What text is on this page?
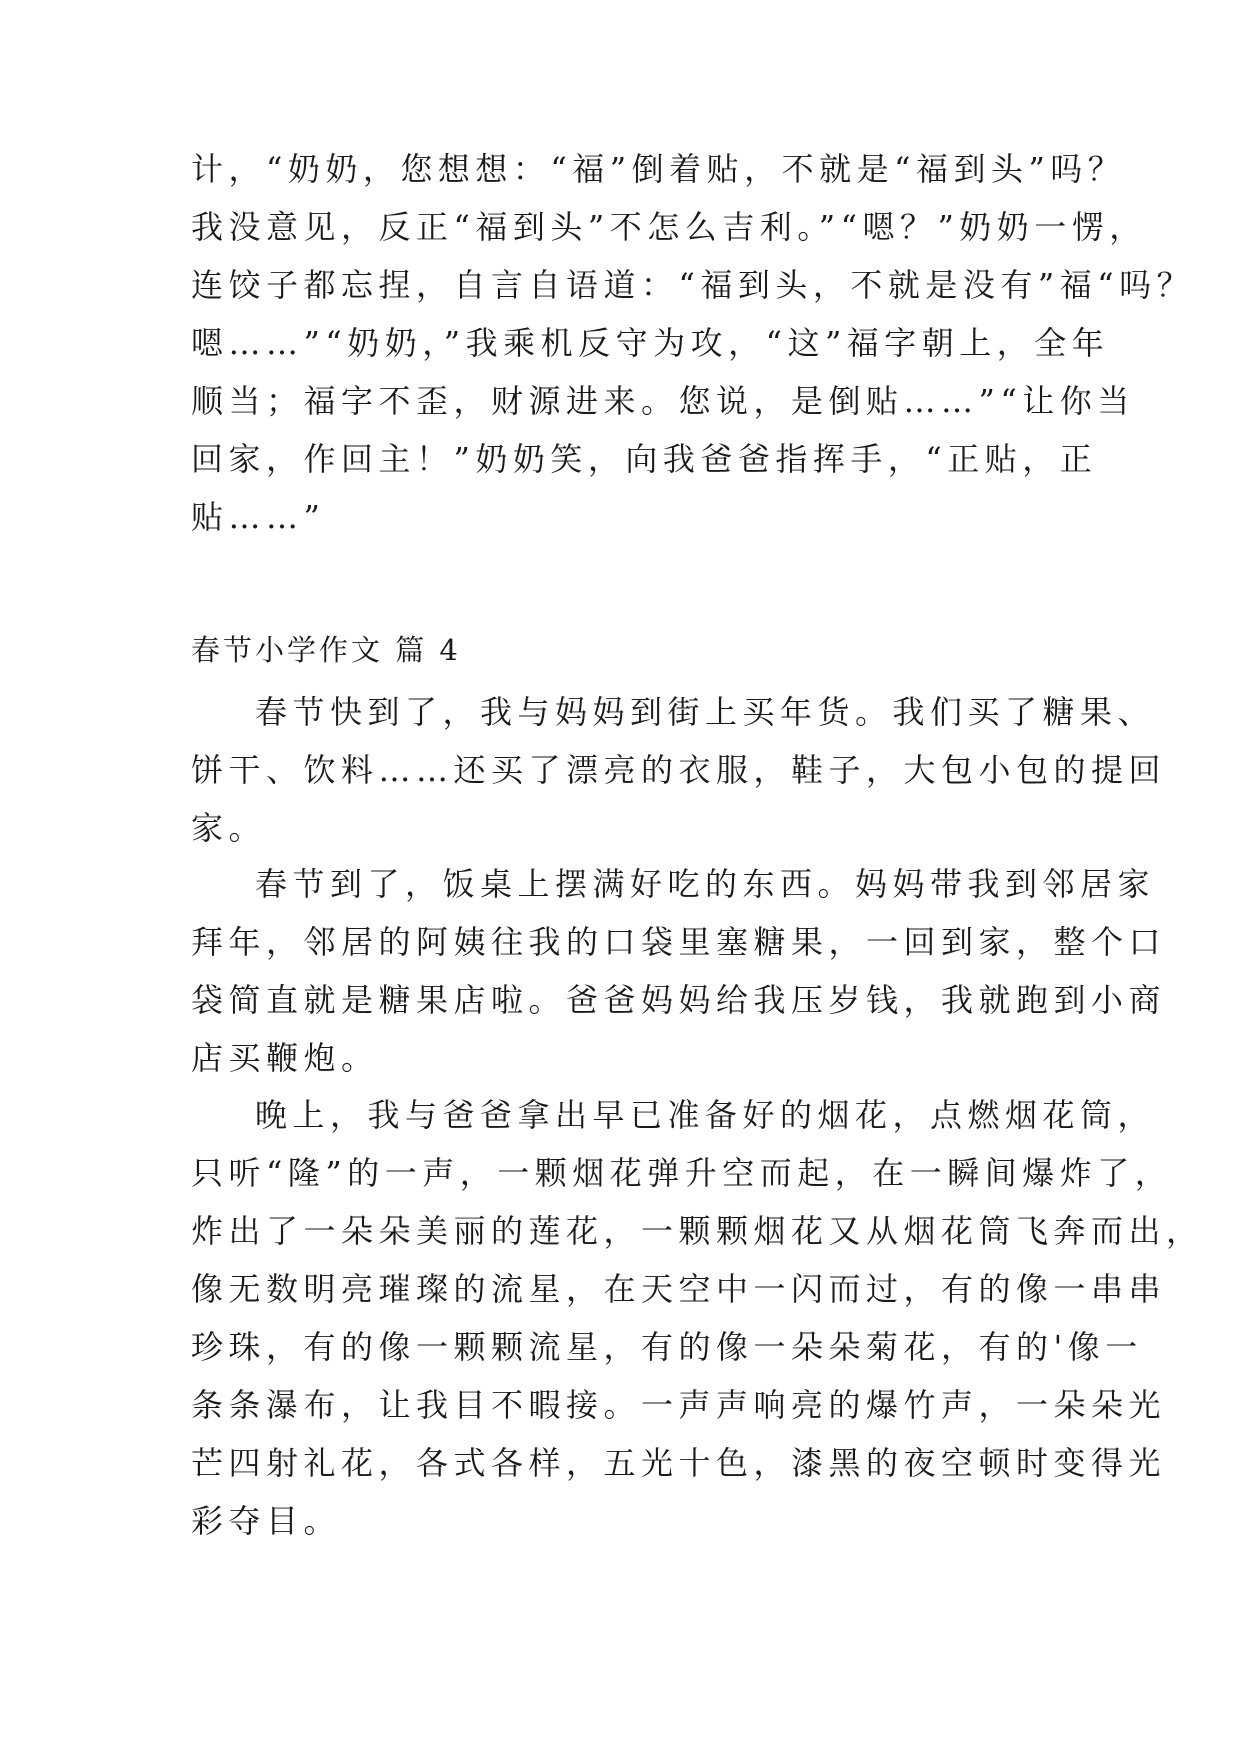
计，“奶奶，您想想：“福”倒着贴，不就是“福到头”吗？
我没意见，反正“福到头”不怎么吉利。”“嗯？”奶奶一愣，
连饺子都忘捏，自言自语道：“福到头，不就是没有”福“吗？
嗯……”“奶奶，”我乘机反守为攻，“这”福字朝上，全年
顺当；福字不歪，财源进来。您说，是倒贴……”“让你当
回家，作回主！”奶奶笑，向我爸爸指挥手，“正贴，正
贴……”
春节小学作文 篇 4
春节快到了，我与妈妈到街上买年货。我们买了糖果、
饼干、饮料……还买了漂亮的衣服，鞋子，大包小包的提回
家。
春节到了，饭桌上摆满好吃的东西。妈妈带我到邻居家
拜年，邻居的阿姨往我的口袋里塞糖果，一回到家，整个口
袋简直就是糖果店啦。爸爸妈妈给我压岁钱，我就跑到小商
店买鞭炮。
晚上，我与爸爸拿出早已准备好的烟花，点燃烟花筒，
只听“隆”的一声，一颗烟花弹升空而起，在一瞬间爆炸了，
炸出了一朵朵美丽的莲花，一颗颗烟花又从烟花筒飞奔而出，
像无数明亮璀璨的流星，在天空中一闪而过，有的像一串串
珍珠，有的像一颗颗流星，有的像一朵朵菊花，有的'像一
条条瀑布，让我目不暇接。一声声响亮的爆竹声，一朵朵光
芒四射礼花，各式各样，五光十色，漆黑的夜空顿时变得光
彩夺目。
